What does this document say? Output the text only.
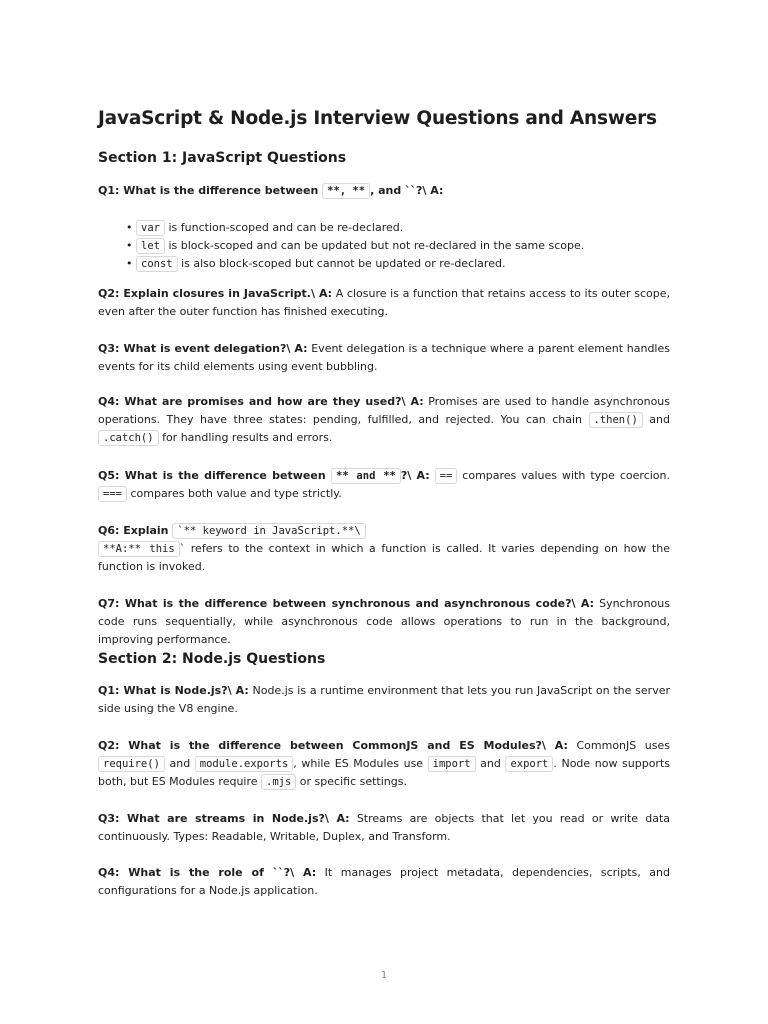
JavaScript & Node.js Interview Questions and Answers
Section 1: JavaScript Questions

Q1: What is the difference between **, ** , and ``?\ A:

• var is function-scoped and can be re-declared.
• let is block-scoped and can be updated but not re-declared in the same scope.
• const is also block-scoped but cannot be updated or re-declared.

Q2: Explain closures in JavaScript.\ A: A closure is a function that retains access to its outer scope, even after the outer function has finished executing.

Q3: What is event delegation?\ A: Event delegation is a technique where a parent element handles events for its child elements using event bubbling.

Q4: What are promises and how are they used?\ A: Promises are used to handle asynchronous operations. They have three states: pending, fulfilled, and rejected. You can chain .then() and .catch() for handling results and errors.

Q5: What is the difference between ** and ** ?\ A: == compares values with type coercion. === compares both value and type strictly.

Q6: Explain `** keyword in JavaScript.**\
**A:** this ` refers to the context in which a function is called. It varies depending on how the function is invoked.

Q7: What is the difference between synchronous and asynchronous code?\ A: Synchronous code runs sequentially, while asynchronous code allows operations to run in the background, improving performance.

Section 2: Node.js Questions

Q1: What is Node.js?\ A: Node.js is a runtime environment that lets you run JavaScript on the server side using the V8 engine.

Q2: What is the difference between CommonJS and ES Modules?\ A: CommonJS uses require() and module.exports , while ES Modules use import and export . Node now supports both, but ES Modules require .mjs or specific settings.

Q3: What are streams in Node.js?\ A: Streams are objects that let you read or write data continuously. Types: Readable, Writable, Duplex, and Transform.

Q4: What is the role of ``?\ A: It manages project metadata, dependencies, scripts, and configurations for a Node.js application.

1
